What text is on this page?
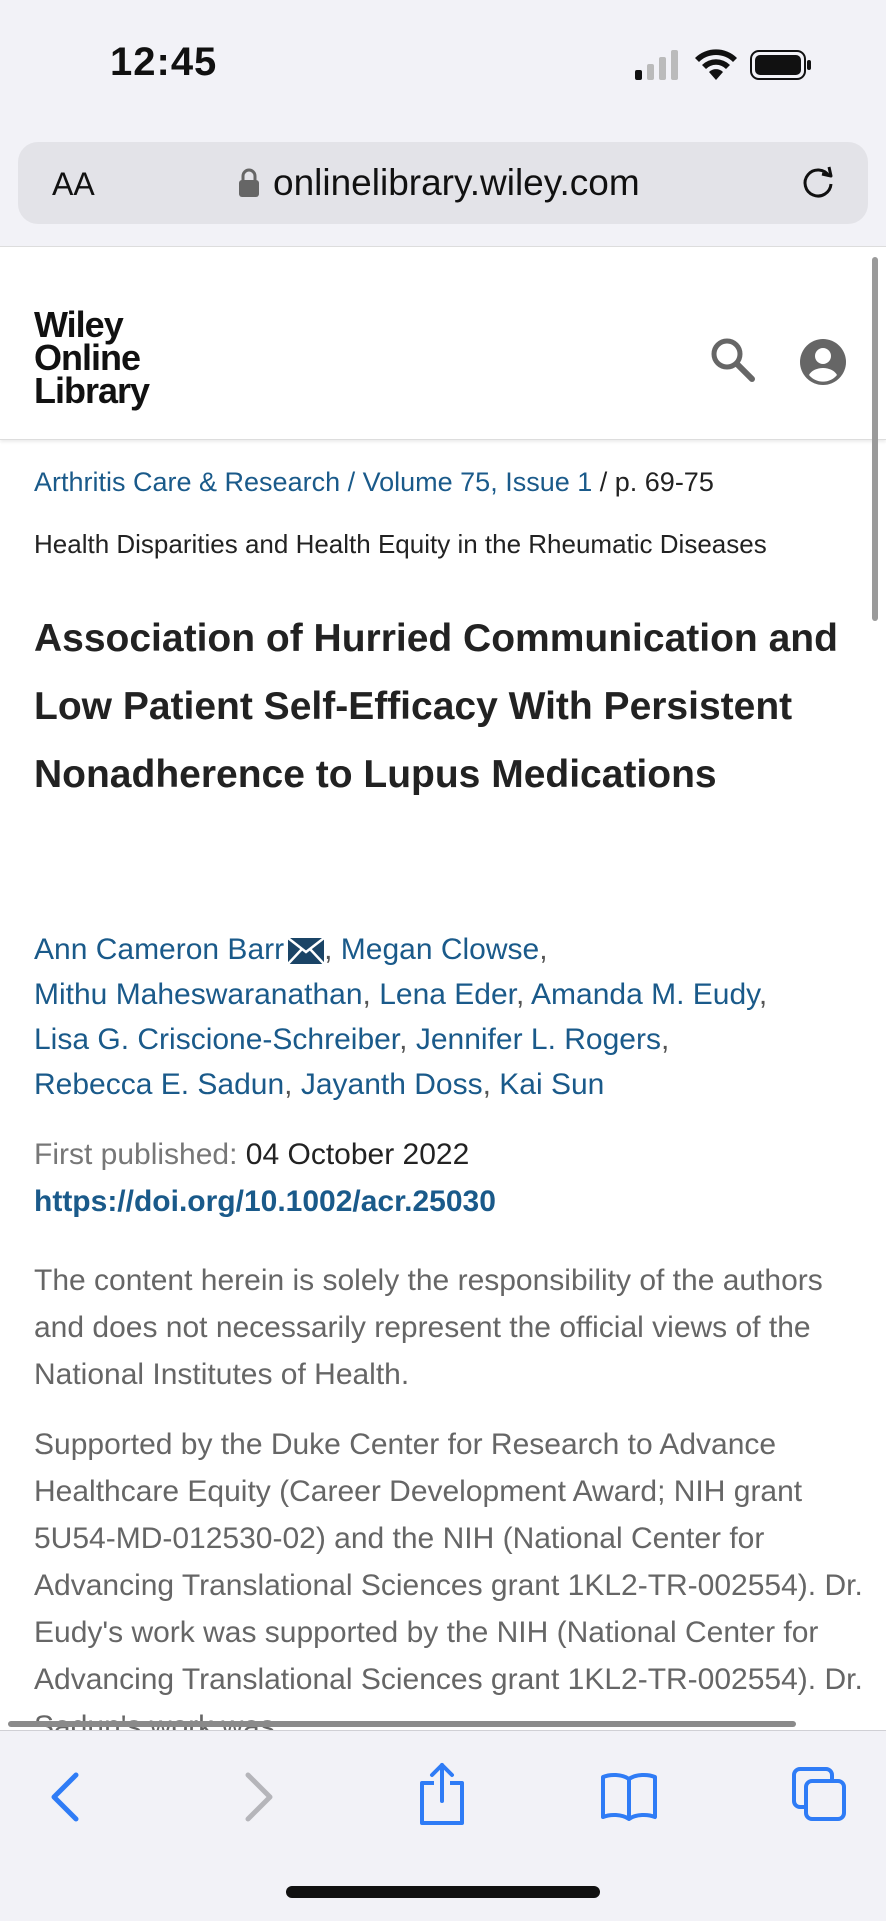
12:45
AA	onlinelibrary.wiley.com
Wiley
Online
Library
Arthritis Care & Research / Volume 75, Issue 1 / p. 69-75
Health Disparities and Health Equity in the Rheumatic Diseases
Association of Hurried Communication and Low Patient Self-Efficacy With Persistent Nonadherence to Lupus Medications
Ann Cameron Barr , Megan Clowse,
Mithu Maheswaranathan, Lena Eder, Amanda M. Eudy,
Lisa G. Criscione-Schreiber, Jennifer L. Rogers,
Rebecca E. Sadun, Jayanth Doss, Kai Sun
First published: 04 October 2022
https://doi.org/10.1002/acr.25030
The content herein is solely the responsibility of the authors and does not necessarily represent the official views of the National Institutes of Health.
Supported by the Duke Center for Research to Advance Healthcare Equity (Career Development Award; NIH grant 5U54-MD-012530-02) and the NIH (National Center for Advancing Translational Sciences grant 1KL2-TR-002554). Dr. Eudy's work was supported by the NIH (National Center for Advancing Translational Sciences grant 1KL2-TR-002554). Dr.
